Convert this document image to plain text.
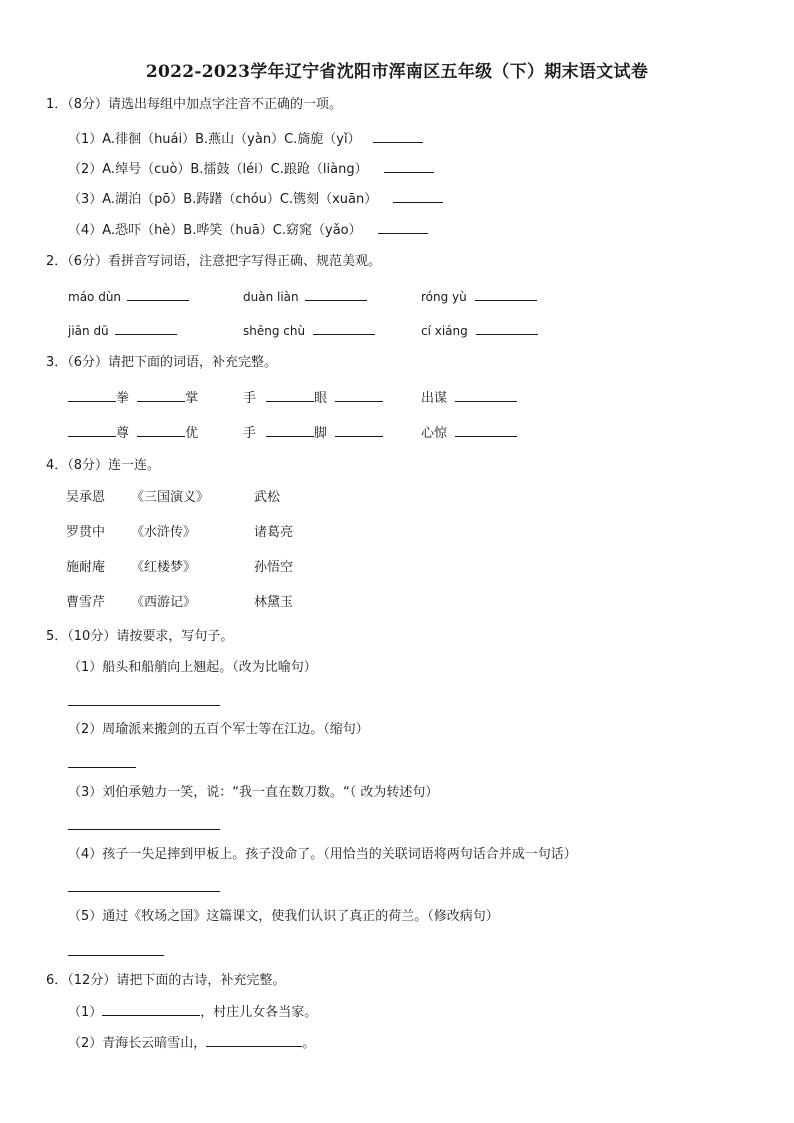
2022-2023学年辽宁省沈阳市浑南区五年级（下）期末语文试卷
1．（8分）请选出每组中加点字注音不正确的一项。
（1）A.徘徊（huái）B.燕山（yàn）C.旖旎（yǐ）
（2）A.绰号（cuò）B.擂鼓（léi）C.踉跄（liàng）
（3）A.湖泊（pō）B.踌躇（chóu）C.镌刻（xuān）
（4）A.恐吓（hè）B.哗笑（huā）C.窈窕（yǎo）
2．（6分）看拼音写词语，注意把字写得正确、规范美观。
máo dùn	duàn liàn	róng yù
jiān dū	shēng chù	cí xiáng
3．（6分）请把下面的词语，补充完整。
拳	掌	手	眼	出谋
尊	优	手	脚	心惊
4．（8分）连一连。
吴承恩 《三国演义》	武松
罗贯中 《水浒传》	诸葛亮
施耐庵 《红楼梦》	孙悟空
曹雪芹 《西游记》	林黛玉
5．（10分）请按要求，写句子。
（1）船头和船艄向上翘起。（改为比喻句）
（2）周瑜派来搬剑的五百个军士等在江边。（缩句）
（3）刘伯承勉力一笑，说：“我一直在数刀数。“（ 改为转述句）
（4）孩子一失足摔到甲板上。孩子没命了。（用恰当的关联词语将两句话合并成一句话）
（5）通过《牧场之国》这篇课文，使我们认识了真正的荷兰。（修改病句）
6．（12分）请把下面的古诗，补充完整。
（1）	，村庄儿女各当家。
（2）青海长云暗雪山，	。
